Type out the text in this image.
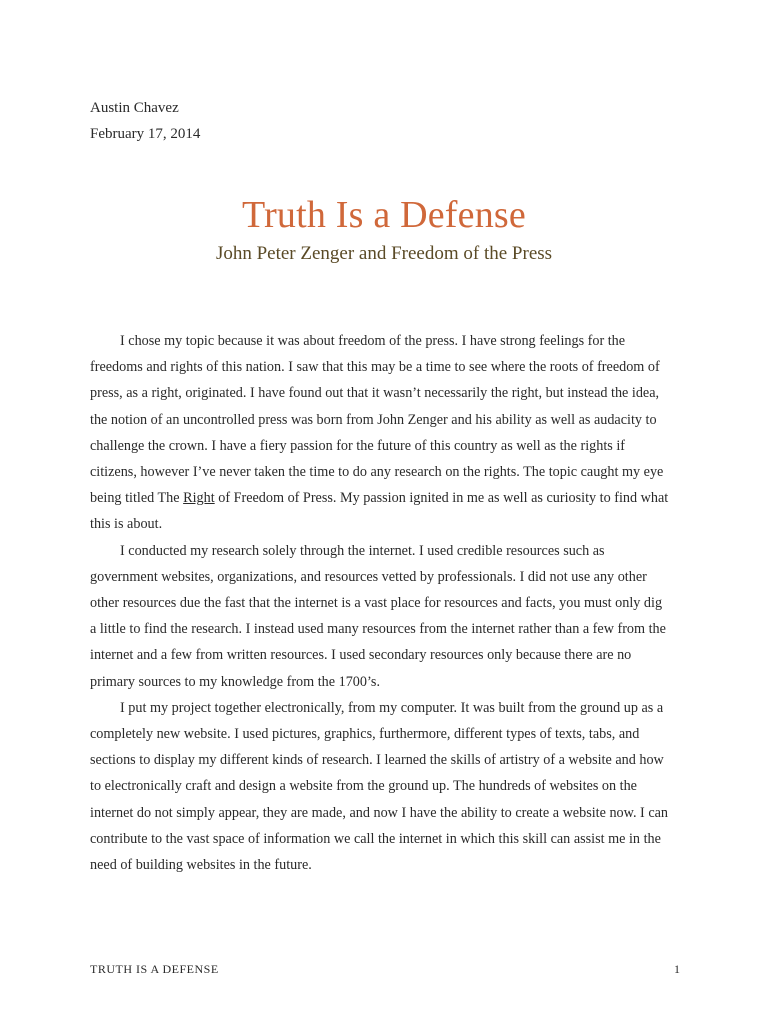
Austin Chavez
February 17, 2014
Truth Is a Defense
John Peter Zenger and Freedom of the Press

I chose my topic because it was about freedom of the press. I have strong feelings for the freedoms and rights of this nation. I saw that this may be a time to see where the roots of freedom of press, as a right, originated. I have found out that it wasn’t necessarily the right, but instead the idea, the notion of an uncontrolled press was born from John Zenger and his ability as well as audacity to challenge the crown. I have a fiery passion for the future of this country as well as the rights if citizens, however I’ve never taken the time to do any research on the rights. The topic caught my eye being titled The Right of Freedom of Press. My passion ignited in me as well as curiosity to find what this is about.

I conducted my research solely through the internet. I used credible resources such as government websites, organizations, and resources vetted by professionals. I did not use any other other resources due the fast that the internet is a vast place for resources and facts, you must only dig a little to find the research. I instead used many resources from the internet rather than a few from the internet and a few from written resources. I used secondary resources only because there are no primary sources to my knowledge from the 1700’s.

I put my project together electronically, from my computer. It was built from the ground up as a completely new website. I used pictures, graphics, furthermore, different types of texts, tabs, and sections to display my different kinds of research. I learned the skills of artistry of a website and how to electronically craft and design a website from the ground up. The hundreds of websites on the internet do not simply appear, they are made, and now I have the ability to create a website now. I can contribute to the vast space of information we call the internet in which this skill can assist me in the need of building websites in the future.

TRUTH IS A DEFENSE	1
